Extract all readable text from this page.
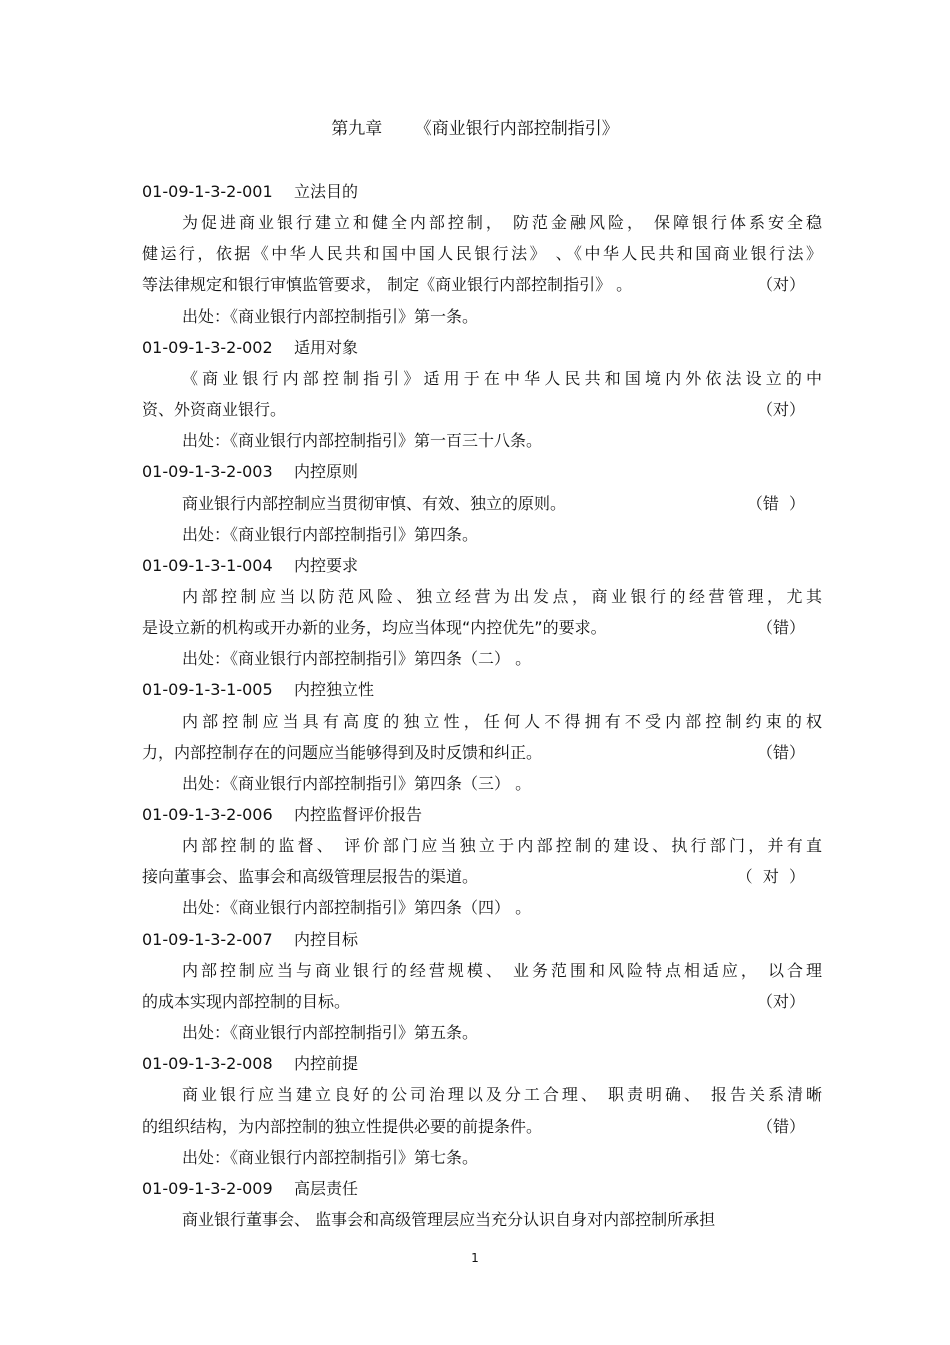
第九章      《商业银行内部控制指引》
01-09-1-3-2-001 立法目的
为促进商业银行建立和健全内部控制， 防范金融风险， 保障银行体系安全稳
健运行，依据《中华人民共和国中国人民银行法》 、《中华人民共和国商业银行法》
等法律规定和银行审慎监管要求， 制定《商业银行内部控制指引》 。	（对）
出处：《商业银行内部控制指引》第一条。
01-09-1-3-2-002 适用对象
《商业银行内部控制指引》适用于在中华人民共和国境内外依法设立的中
资、外资商业银行。	（对）
出处：《商业银行内部控制指引》第一百三十八条。
01-09-1-3-2-003 内控原则
商业银行内部控制应当贯彻审慎、有效、独立的原则。	（错  ）
出处：《商业银行内部控制指引》第四条。
01-09-1-3-1-004 内控要求
内部控制应当以防范风险、独立经营为出发点，商业银行的经营管理，尤其
是设立新的机构或开办新的业务，均应当体现“内控优先”的要求。	（错）
出处：《商业银行内部控制指引》第四条（二） 。
01-09-1-3-1-005 内控独立性
内部控制应当具有高度的独立性，任何人不得拥有不受内部控制约束的权
力，内部控制存在的问题应当能够得到及时反馈和纠正。	（错）
出处：《商业银行内部控制指引》第四条（三） 。
01-09-1-3-2-006 内控监督评价报告
内部控制的监督、 评价部门应当独立于内部控制的建设、执行部门，并有直
接向董事会、监事会和高级管理层报告的渠道。	（  对  ）
出处：《商业银行内部控制指引》第四条（四） 。
01-09-1-3-2-007 内控目标
内部控制应当与商业银行的经营规模、 业务范围和风险特点相适应， 以合理
的成本实现内部控制的目标。	（对）
出处：《商业银行内部控制指引》第五条。
01-09-1-3-2-008 内控前提
商业银行应当建立良好的公司治理以及分工合理、 职责明确、 报告关系清晰
的组织结构，为内部控制的独立性提供必要的前提条件。	（错）
出处：《商业银行内部控制指引》第七条。
01-09-1-3-2-009 高层责任
商业银行董事会、 监事会和高级管理层应当充分认识自身对内部控制所承担
1
